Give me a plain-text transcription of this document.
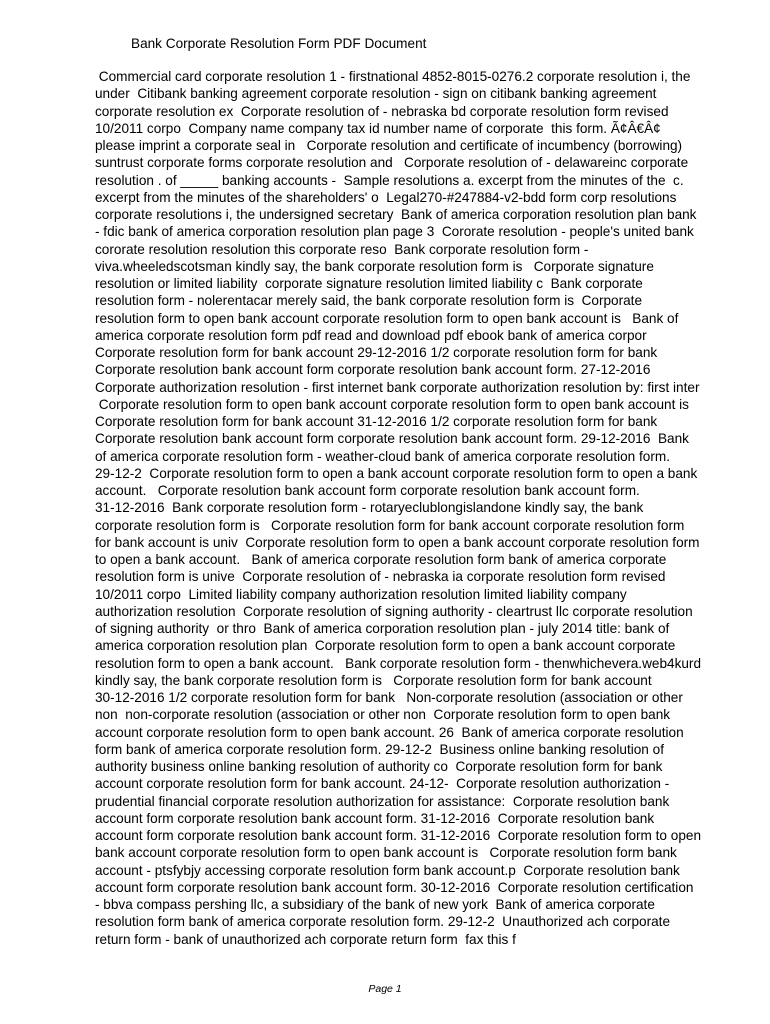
Bank Corporate Resolution Form PDF Document
Commercial card corporate resolution 1 - firstnational 4852-8015-0276.2 corporate resolution i, the
under  Citibank banking agreement corporate resolution - sign on citibank banking agreement
corporate resolution ex  Corporate resolution of - nebraska bd corporate resolution form revised
10/2011 corpo  Company name company tax id number name of corporate  this form. Ã¢Â€Â¢
please imprint a corporate seal in   Corporate resolution and certificate of incumbency (borrowing)
suntrust corporate forms corporate resolution and   Corporate resolution of - delawareinc corporate
resolution . of _____ banking accounts -  Sample resolutions a. excerpt from the minutes of the  c.
excerpt from the minutes of the shareholders' o  Legal270-#247884-v2-bdd form corp resolutions
corporate resolutions i, the undersigned secretary  Bank of america corporation resolution plan bank
- fdic bank of america corporation resolution plan page 3  Cororate resolution - people's united bank
cororate resolution resolution this corporate reso  Bank corporate resolution form -
viva.wheeledscotsman kindly say, the bank corporate resolution form is   Corporate signature
resolution or limited liability  corporate signature resolution limited liability c  Bank corporate
resolution form - nolerentacar merely said, the bank corporate resolution form is  Corporate
resolution form to open bank account corporate resolution form to open bank account is   Bank of
america corporate resolution form pdf read and download pdf ebook bank of america corpor
Corporate resolution form for bank account 29-12-2016 1/2 corporate resolution form for bank
Corporate resolution bank account form corporate resolution bank account form. 27-12-2016
Corporate authorization resolution - first internet bank corporate authorization resolution by: first inter
Corporate resolution form to open bank account corporate resolution form to open bank account is
Corporate resolution form for bank account 31-12-2016 1/2 corporate resolution form for bank
Corporate resolution bank account form corporate resolution bank account form. 29-12-2016  Bank
of america corporate resolution form - weather-cloud bank of america corporate resolution form.
29-12-2  Corporate resolution form to open a bank account corporate resolution form to open a bank
account.   Corporate resolution bank account form corporate resolution bank account form.
31-12-2016  Bank corporate resolution form - rotaryeclublongislandone kindly say, the bank
corporate resolution form is   Corporate resolution form for bank account corporate resolution form
for bank account is univ  Corporate resolution form to open a bank account corporate resolution form
to open a bank account.   Bank of america corporate resolution form bank of america corporate
resolution form is unive  Corporate resolution of - nebraska ia corporate resolution form revised
10/2011 corpo  Limited liability company authorization resolution limited liability company
authorization resolution  Corporate resolution of signing authority - cleartrust llc corporate resolution
of signing authority  or thro  Bank of america corporation resolution plan - july 2014 title: bank of
america corporation resolution plan  Corporate resolution form to open a bank account corporate
resolution form to open a bank account.   Bank corporate resolution form - thenwhichevera.web4kurd
kindly say, the bank corporate resolution form is   Corporate resolution form for bank account
30-12-2016 1/2 corporate resolution form for bank   Non-corporate resolution (association or other
non  non-corporate resolution (association or other non  Corporate resolution form to open bank
account corporate resolution form to open bank account. 26  Bank of america corporate resolution
form bank of america corporate resolution form. 29-12-2  Business online banking resolution of
authority business online banking resolution of authority co  Corporate resolution form for bank
account corporate resolution form for bank account. 24-12-  Corporate resolution authorization -
prudential financial corporate resolution authorization for assistance:  Corporate resolution bank
account form corporate resolution bank account form. 31-12-2016  Corporate resolution bank
account form corporate resolution bank account form. 31-12-2016  Corporate resolution form to open
bank account corporate resolution form to open bank account is   Corporate resolution form bank
account - ptsfybjy accessing corporate resolution form bank account.p  Corporate resolution bank
account form corporate resolution bank account form. 30-12-2016  Corporate resolution certification
- bbva compass pershing llc, a subsidiary of the bank of new york  Bank of america corporate
resolution form bank of america corporate resolution form. 29-12-2  Unauthorized ach corporate
return form - bank of unauthorized ach corporate return form  fax this f
Page 1
